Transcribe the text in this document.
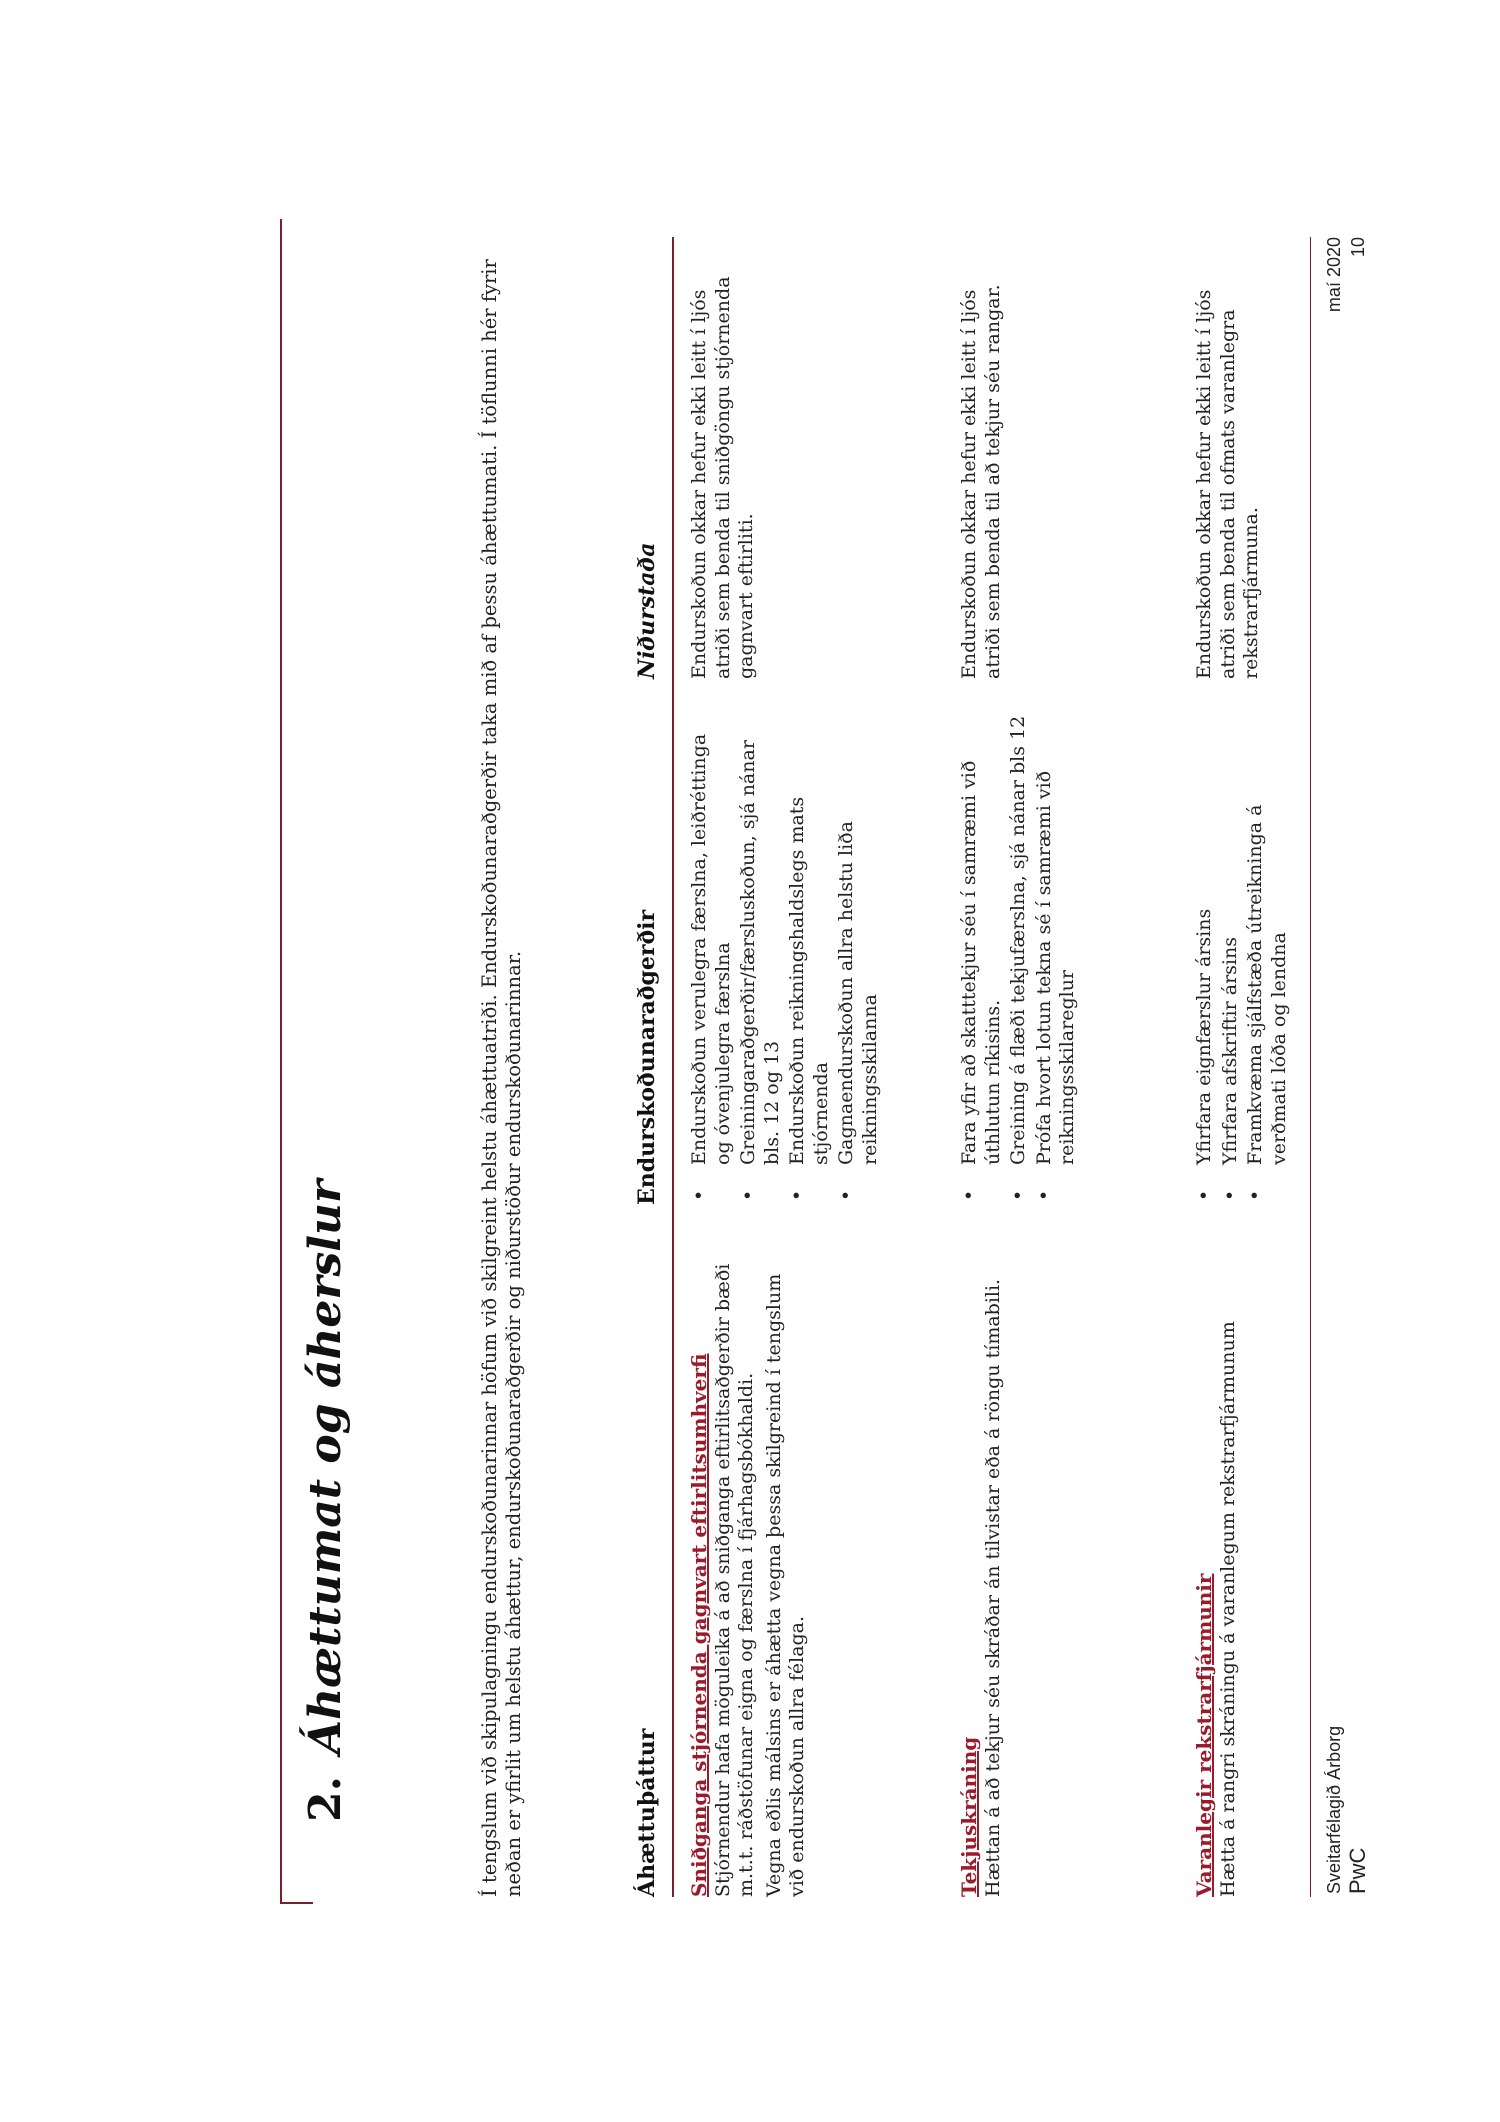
2.Áhættumat og áherslur	Í tengslum við skipulagningu endurskoðunarinnar höfum við skilgreint helstu áhættuatriði. Endurskoðunaraðgerðir taka mið af þessu áhættumati. Í töflunni hér fyrir neðan er yfirlit um helstu áhættur, endurskoðunaraðgerðir og niðurstöður endurskoðunarinnar.	Áhættuþáttur
Endurskoðunaraðgerðir
Niðurstaða
Sniðganga stjórnenda gagnvart eftirlitsumhverfi Stjórnendur hafa möguleika á að sniðganga eftirlitsaðgerðir bæði m.t.t. ráðstöfunar eigna og færslna í fjárhagsbókhaldi. Vegna eðlis málsins er áhætta vegna þessa skilgreind í tengslum við endurskoðun allra félaga.
•
Endurskoðun verulegra færslna, leiðréttinga og óvenjulegra færslna
•
Greiningaraðgerðir/færsluskoðun, sjá nánar bls. 12 og 13
•
Endurskoðun reikningshaldslegs mats stjórnenda
•
Gagnaendurskoðun allra helstu liða reikningsskilanna
Endurskoðun okkar hefur ekki leitt í ljós atriði sem benda til sniðgöngu stjórnenda gagnvart eftirliti.
Tekjuskráning Hættan á að tekjur séu skráðar án tilvistar eða á röngu tímabili.
•
Fara yfir að skatttekjur séu í samræmi við úthlutun ríkisins.
•
Greining á flæði tekjufærslna, sjá nánar bls 12
•
Prófa hvort lotun tekna sé í samræmi við reikningsskilareglur
Endurskoðun okkar hefur ekki leitt í ljós atriði sem benda til að tekjur séu rangar.
Varanlegir rekstrarfjármunir Hætta á rangri skráningu á varanlegum rekstrarfjármunum
•
Yfirfara eignfærslur ársins
•
Yfirfara afskriftir ársins
•
Framkvæma sjálfstæða útreikninga á verðmati lóða og lendna
Endurskoðun okkar hefur ekki leitt í ljós atriði sem benda til ofmats varanlegra rekstrarfjármuna.
Sveitarfélagið Árborg PwC
maí 2020 10
